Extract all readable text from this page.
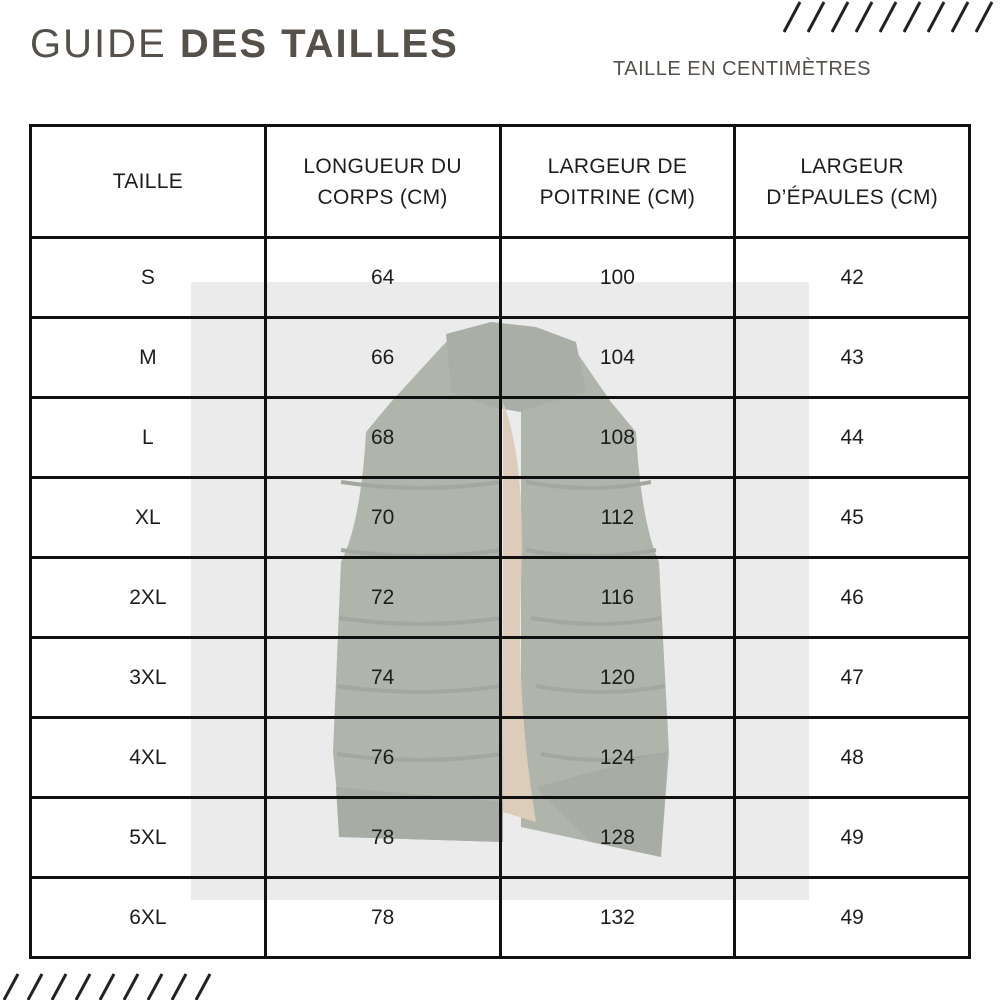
GUIDE DES TAILLES
TAILLE EN CENTIMÈTRES
TAILLE	LONGUEUR DU CORPS (CM)	LARGEUR DE POITRINE (CM)	LARGEUR D’ÉPAULES (CM)
S	64	100	42
M	66	104	43
L	68	108	44
XL	70	112	45
2XL	72	116	46
3XL	74	120	47
4XL	76	124	48
5XL	78	128	49
6XL	78	132	49
